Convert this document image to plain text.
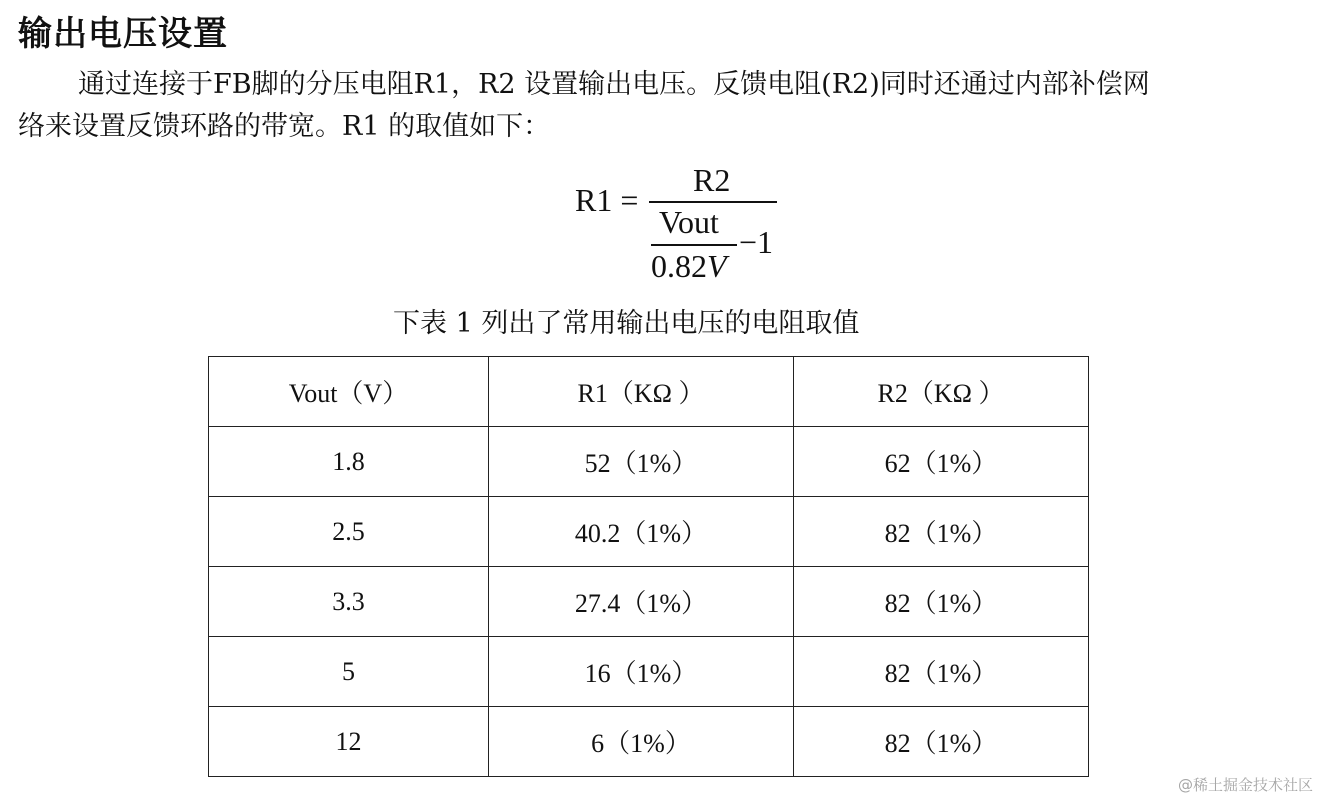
输出电压设置
通过连接于FB脚的分压电阻R1，R2 设置输出电压。反馈电阻(R2)同时还通过内部补偿网
络来设置反馈环路的带宽。R1 的取值如下：
R1 =
R2
Vout
0.82V
−1
下表 1 列出了常用输出电压的电阻取值
Vout（V）	R1（KΩ ）	R2（KΩ ）
1.8	52（1%）	62（1%）
2.5	40.2（1%）	82（1%）
3.3	27.4（1%）	82（1%）
5	16（1%）	82（1%）
12	6（1%）	82（1%）
@稀土掘金技术社区
